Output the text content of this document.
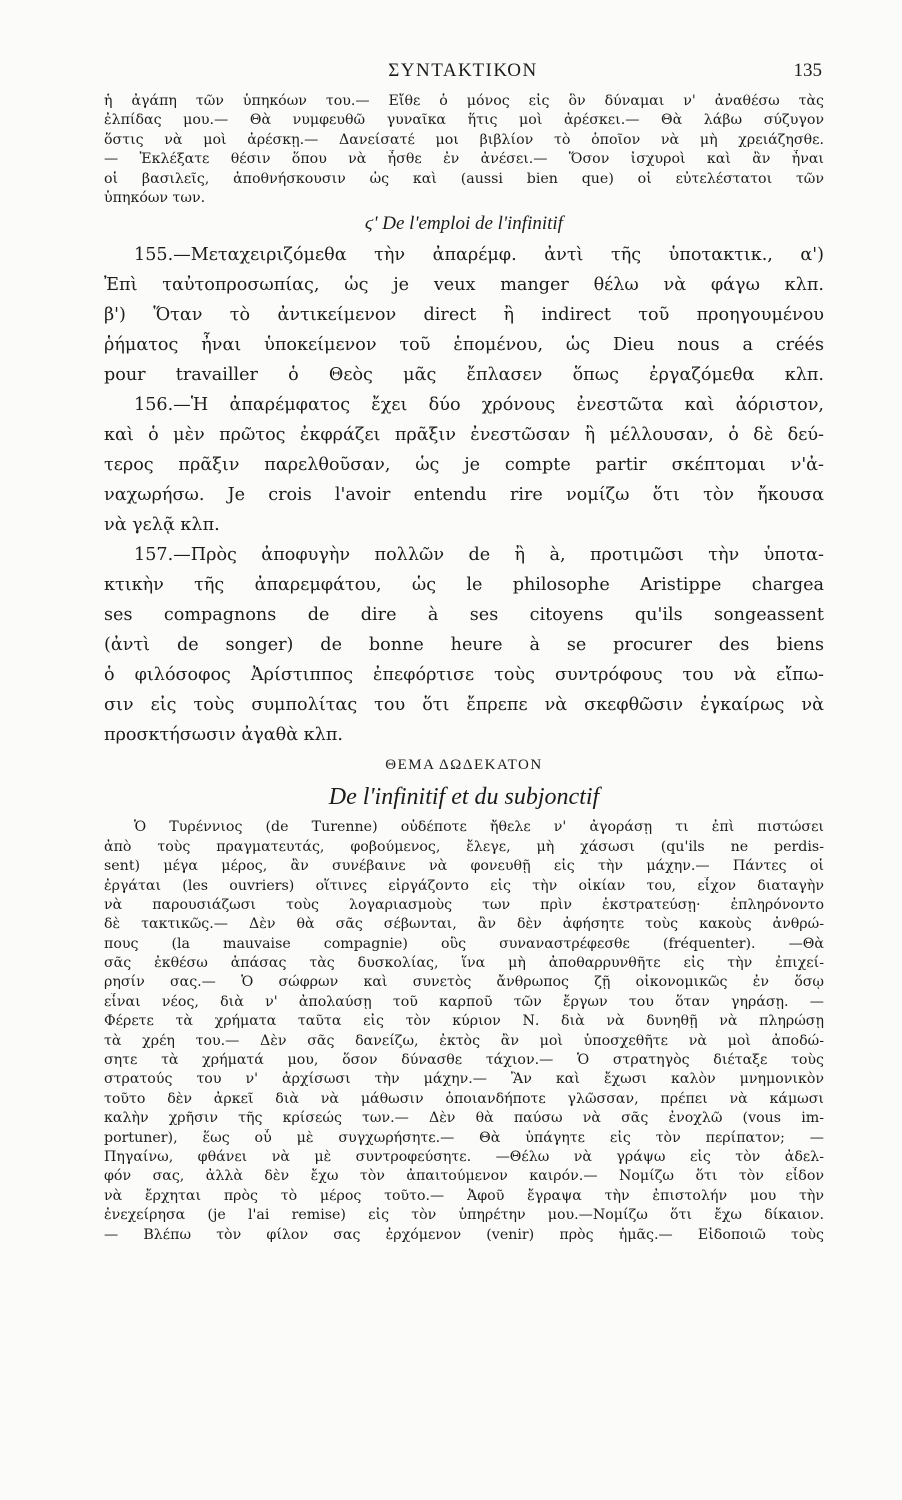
ΣΥΝΤΑΚΤΙΚΟΝ	135
ἡ ἀγάπη τῶν ὑπηκόων του.— Εἴθε ὁ μόνος εἰς ὃν δύναμαι ν' ἀναθέσω τὰς
ἐλπίδας μου.— Θὰ νυμφευθῶ γυναῖκα ἥτις μοὶ ἀρέσκει.— Θὰ λάβω σύζυγον
ὅστις νὰ μοὶ ἀρέσκῃ.— Δανείσατέ μοι βιβλίον τὸ ὁποῖον νὰ μὴ χρειάζησθε.
— Ἐκλέξατε θέσιν ὅπου νὰ ἦσθε ἐν ἀνέσει.— Ὅσον ἰσχυροὶ καὶ ἂν ἦναι
οἱ βασιλεῖς, ἀποθνήσκουσιν ὡς καὶ (aussi bien que) οἱ εὐτελέστατοι τῶν
ὑπηκόων των.
ϛ' De l'emploi de l'infinitif
155.—Μεταχειριζόμεθα τὴν ἀπαρέμφ. ἀντὶ τῆς ὑποτακτικ., α')
Ἐπὶ ταὐτοπροσωπίας, ὡς je veux manger θέλω νὰ φάγω κλπ.
β') Ὅταν τὸ ἀντικείμενον direct ἢ indirect τοῦ προηγουμένου
ῥήματος ἦναι ὑποκείμενον τοῦ ἑπομένου, ὡς Dieu nous a créés
pour travailler ὁ Θεὸς μᾶς ἔπλασεν ὅπως ἐργαζόμεθα κλπ.
156.—Ἡ ἀπαρέμφατος ἔχει δύο χρόνους ἐνεστῶτα καὶ ἀόριστον,
καὶ ὁ μὲν πρῶτος ἐκφράζει πρᾶξιν ἐνεστῶσαν ἢ μέλλουσαν, ὁ δὲ δεύ-
τερος πρᾶξιν παρελθοῦσαν, ὡς je compte partir σκέπτομαι ν'ἀ-
ναχωρήσω. Je crois l'avoir entendu rire νομίζω ὅτι τὸν ἤκουσα
νὰ γελᾷ κλπ.
157.—Πρὸς ἀποφυγὴν πολλῶν de ἢ à, προτιμῶσι τὴν ὑποτα-
κτικὴν τῆς ἀπαρεμφάτου, ὡς le philosophe Aristippe chargea
ses compagnons de dire à ses citoyens qu'ils songeassent
(ἀντὶ de songer) de bonne heure à se procurer des biens
ὁ φιλόσοφος Ἀρίστιππος ἐπεφόρτισε τοὺς συντρόφους του νὰ εἴπω-
σιν εἰς τοὺς συμπολίτας του ὅτι ἔπρεπε νὰ σκεφθῶσιν ἐγκαίρως νὰ
προσκτήσωσιν ἀγαθὰ κλπ.
ΘΕΜΑ ΔΩΔΕΚΑΤΟΝ
De l'infinitif et du subjonctif
Ὁ Τυρέννιος (de Turenne) οὐδέποτε ἤθελε ν' ἀγοράσῃ τι ἐπὶ πιστώσει
ἀπὸ τοὺς πραγματευτάς, φοβούμενος, ἔλεγε, μὴ χάσωσι (qu'ils ne perdis-
sent) μέγα μέρος, ἂν συνέβαινε νὰ φονευθῇ εἰς τὴν μάχην.— Πάντες οἱ
ἐργάται (les ouvriers) οἵτινες εἰργάζοντο εἰς τὴν οἰκίαν του, εἶχον διαταγὴν
νὰ παρουσιάζωσι τοὺς λογαριασμοὺς των πρὶν ἐκστρατεύσῃ· ἐπληρόνοντο
δὲ τακτικῶς.— Δὲν θὰ σᾶς σέβωνται, ἂν δὲν ἀφήσητε τοὺς κακοὺς ἀνθρώ-
πους (la mauvaise compagnie) οὓς συναναστρέφεσθε (fréquenter). —Θὰ
σᾶς ἐκθέσω ἁπάσας τὰς δυσκολίας, ἵνα μὴ ἀποθαρρυνθῆτε εἰς τὴν ἐπιχεί-
ρησίν σας.— Ὁ σώφρων καὶ συνετὸς ἄνθρωπος ζῇ οἰκονομικῶς ἐν ὅσῳ
εἶναι νέος, διὰ ν' ἀπολαύσῃ τοῦ καρποῦ τῶν ἔργων του ὅταν γηράσῃ. —
Φέρετε τὰ χρήματα ταῦτα εἰς τὸν κύριον Ν. διὰ νὰ δυνηθῇ νὰ πληρώσῃ
τὰ χρέη του.— Δὲν σᾶς δανείζω, ἐκτὸς ἂν μοὶ ὑποσχεθῆτε νὰ μοὶ ἀποδώ-
σητε τὰ χρήματά μου, ὅσον δύνασθε τάχιον.— Ὁ στρατηγὸς διέταξε τοὺς
στρατούς του ν' ἀρχίσωσι τὴν μάχην.— Ἂν καὶ ἔχωσι καλὸν μνημονικὸν
τοῦτο δὲν ἀρκεῖ διὰ νὰ μάθωσιν ὁποιανδήποτε γλῶσσαν, πρέπει νὰ κάμωσι
καλὴν χρῆσιν τῆς κρίσεώς των.— Δὲν θὰ παύσω νὰ σᾶς ἐνοχλῶ (vous im-
portuner), ἕως οὗ μὲ συγχωρήσητε.— Θὰ ὑπάγητε εἰς τὸν περίπατον; —
Πηγαίνω, φθάνει νὰ μὲ συντροφεύσητε. —Θέλω νὰ γράψω εἰς τὸν ἀδελ-
φόν σας, ἀλλὰ δὲν ἔχω τὸν ἀπαιτούμενον καιρόν.— Νομίζω ὅτι τὸν εἶδον
νὰ ἔρχηται πρὸς τὸ μέρος τοῦτο.— Ἀφοῦ ἔγραψα τὴν ἐπιστολήν μου τὴν
ἐνεχείρησα (je l'ai remise) εἰς τὸν ὑπηρέτην μου.—Νομίζω ὅτι ἔχω δίκαιον.
— Βλέπω τὸν φίλον σας ἐρχόμενον (venir) πρὸς ἡμᾶς.— Εἰδοποιῶ τοὺς
